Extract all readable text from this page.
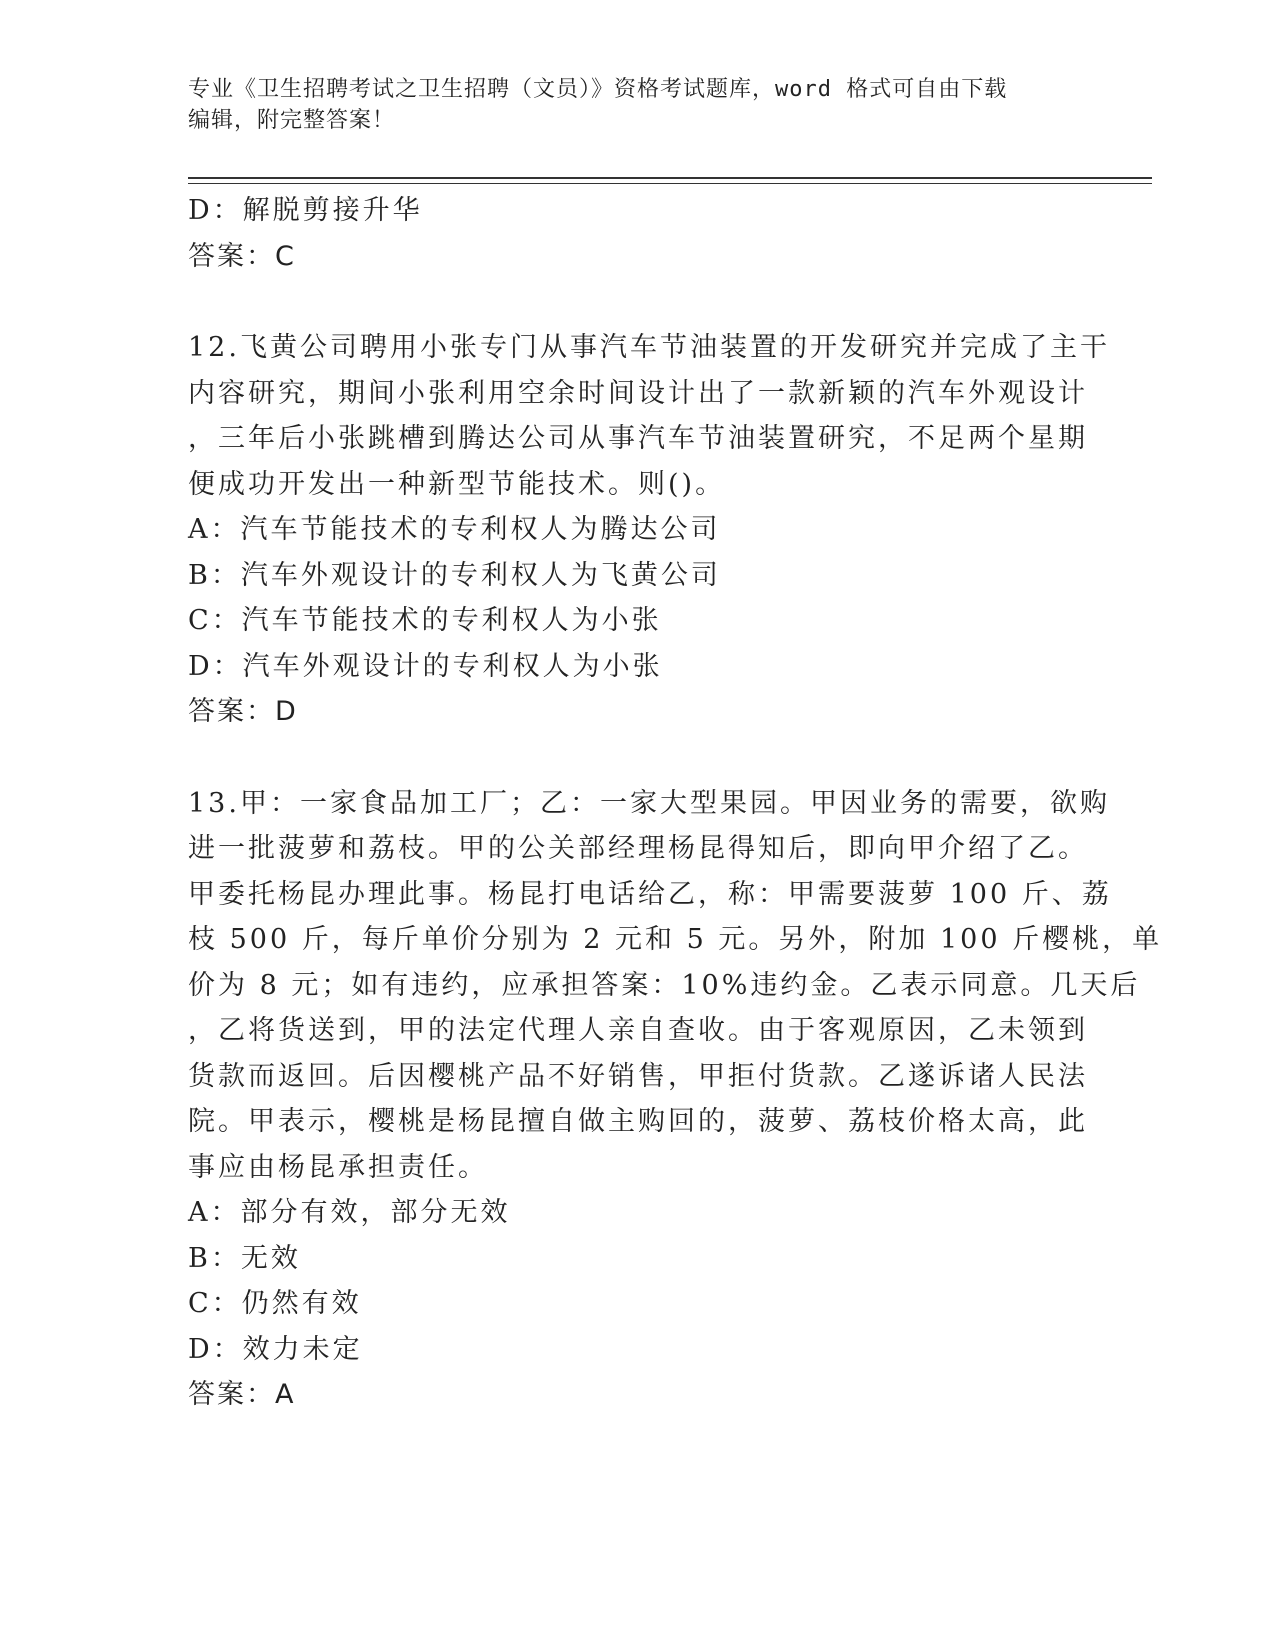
专业《卫生招聘考试之卫生招聘（文员）》资格考试题库，word 格式可自由下载
编辑，附完整答案！
D：解脱剪接升华
答案：C
12.飞黄公司聘用小张专门从事汽车节油装置的开发研究并完成了主干
内容研究，期间小张利用空余时间设计出了一款新颖的汽车外观设计
，三年后小张跳槽到腾达公司从事汽车节油装置研究，不足两个星期
便成功开发出一种新型节能技术。则()。
A：汽车节能技术的专利权人为腾达公司
B：汽车外观设计的专利权人为飞黄公司
C：汽车节能技术的专利权人为小张
D：汽车外观设计的专利权人为小张
答案：D
13.甲：一家食品加工厂；乙：一家大型果园。甲因业务的需要，欲购
进一批菠萝和荔枝。甲的公关部经理杨昆得知后，即向甲介绍了乙。
甲委托杨昆办理此事。杨昆打电话给乙，称：甲需要菠萝 100 斤、荔
枝 500 斤，每斤单价分别为 2 元和 5 元。另外，附加 100 斤樱桃，单
价为 8 元；如有违约，应承担答案：10%违约金。乙表示同意。几天后
，乙将货送到，甲的法定代理人亲自查收。由于客观原因，乙未领到
货款而返回。后因樱桃产品不好销售，甲拒付货款。乙遂诉诸人民法
院。甲表示，樱桃是杨昆擅自做主购回的，菠萝、荔枝价格太高，此
事应由杨昆承担责任。
A：部分有效，部分无效
B：无效
C：仍然有效
D：效力未定
答案：A
